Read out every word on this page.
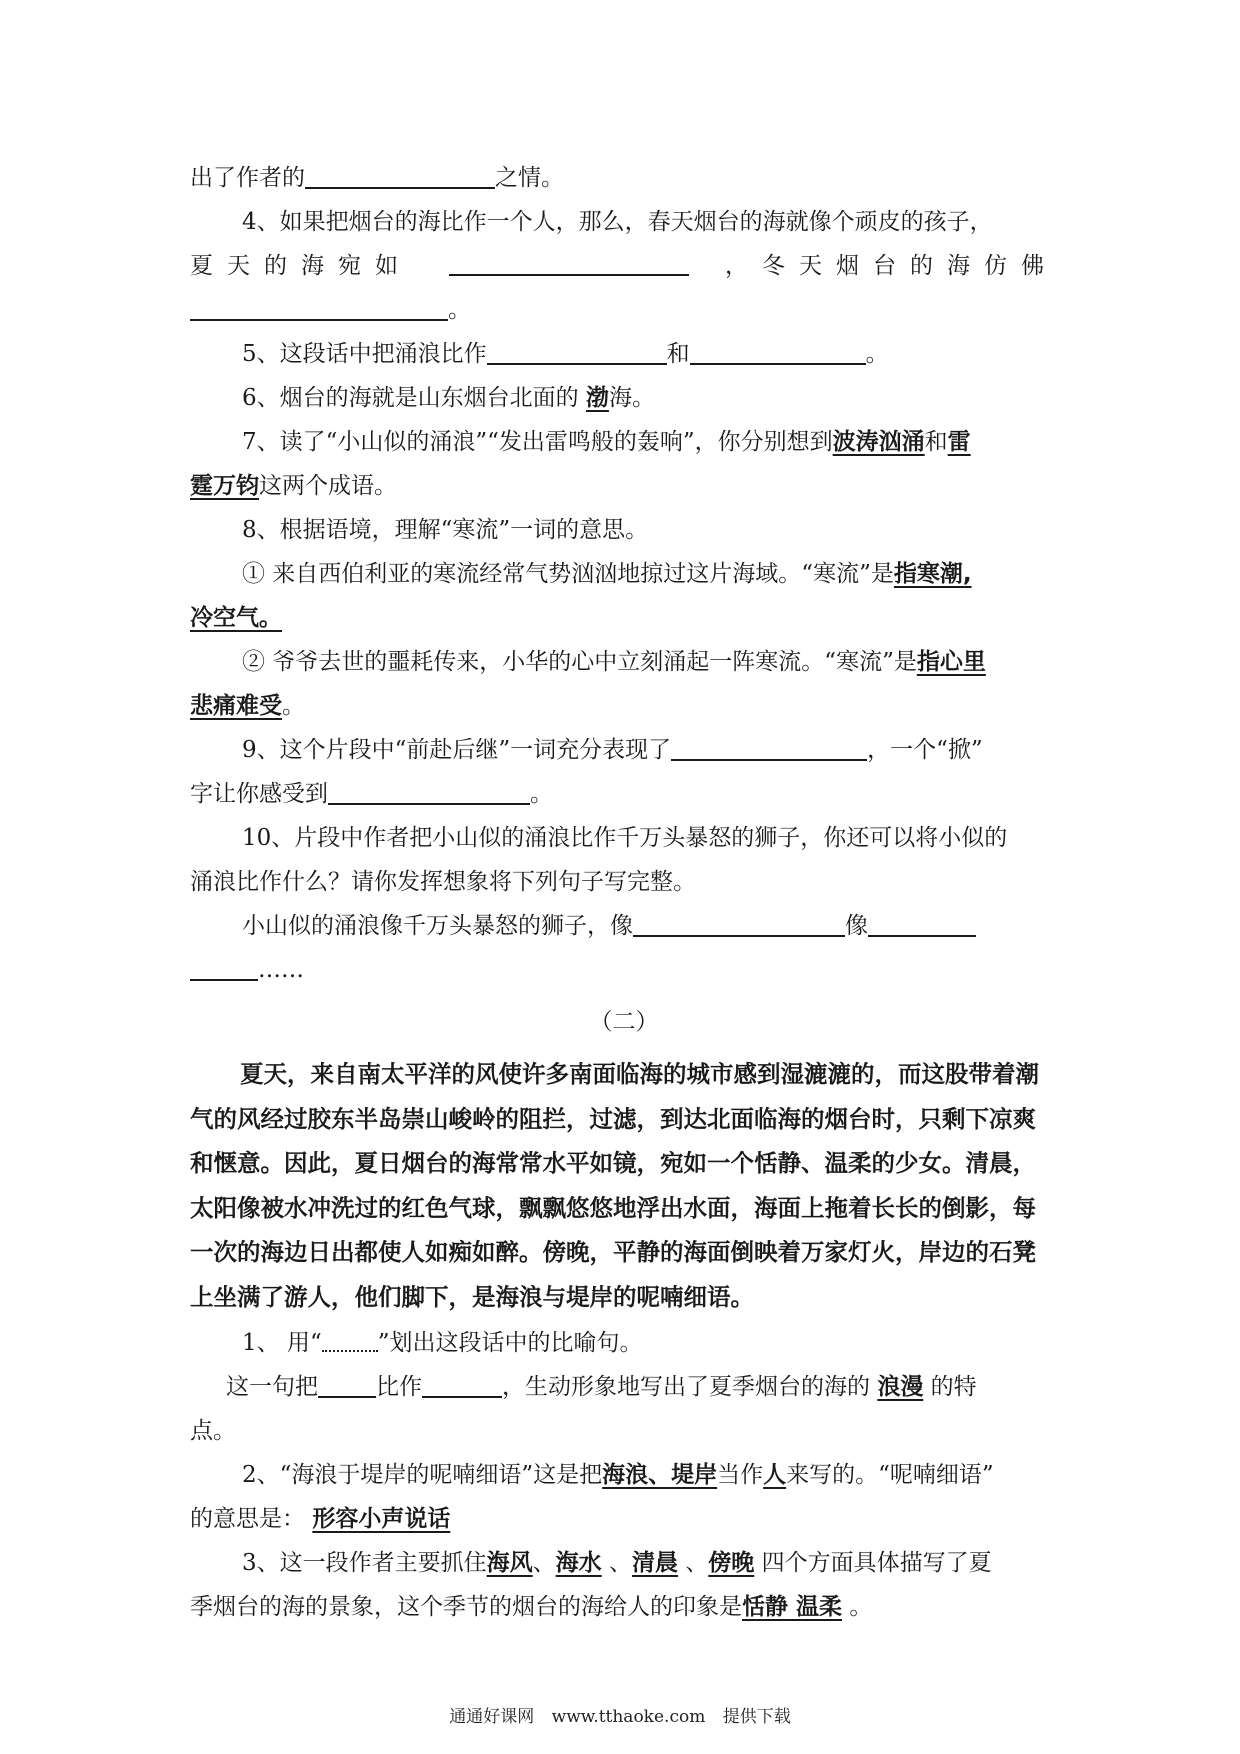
出了作者的	之情。
4、如果把烟台的海比作一个人，那么，春天烟台的海就像个顽皮的孩子，
夏天的海宛如	，冬天烟台的海仿佛
。
5、这段话中把涌浪比作	和	。
6、烟台的海就是山东烟台北面的 渤海。
7、读了“小山似的涌浪”“发出雷鸣般的轰响”，你分别想到波涛汹涌和雷
霆万钧这两个成语。
8、根据语境，理解“寒流”一词的意思。
① 来自西伯利亚的寒流经常气势汹汹地掠过这片海域。“寒流”是指寒潮,
冷空气。
② 爷爷去世的噩耗传来，小华的心中立刻涌起一阵寒流。“寒流”是指心里
悲痛难受。
9、这个片段中“前赴后继”一词充分表现了	，一个“掀”
字让你感受到	。
10、片段中作者把小山似的涌浪比作千万头暴怒的狮子，你还可以将小似的
涌浪比作什么？请你发挥想象将下列句子写完整。
小山似的涌浪像千万头暴怒的狮子，像	像
……
（二）
夏天，来自南太平洋的风使许多南面临海的城市感到湿漉漉的，而这股带着潮气的风经过胶东半岛崇山峻岭的阻拦，过滤，到达北面临海的烟台时，只剩下凉爽和惬意。因此，夏日烟台的海常常水平如镜，宛如一个恬静、温柔的少女。清晨，太阳像被水冲洗过的红色气球，飘飘悠悠地浮出水面，海面上拖着长长的倒影，每一次的海边日出都使人如痴如醉。傍晚，平静的海面倒映着万家灯火，岸边的石凳上坐满了游人，他们脚下，是海浪与堤岸的呢喃细语。
1、 用“ ”划出这段话中的比喻句。
这一句把	比作	，生动形象地写出了夏季烟台的海的 浪漫 的特
点。
2、“海浪于堤岸的呢喃细语”这是把海浪、堤岸当作人来写的。“呢喃细语”
的意思是： 形容小声说话
3、这一段作者主要抓住海风、海水 、清晨 、傍晚 四个方面具体描写了夏
季烟台的海的景象，这个季节的烟台的海给人的印象是恬静 温柔 。
通通好课网 www.tthaoke.com 提供下载
